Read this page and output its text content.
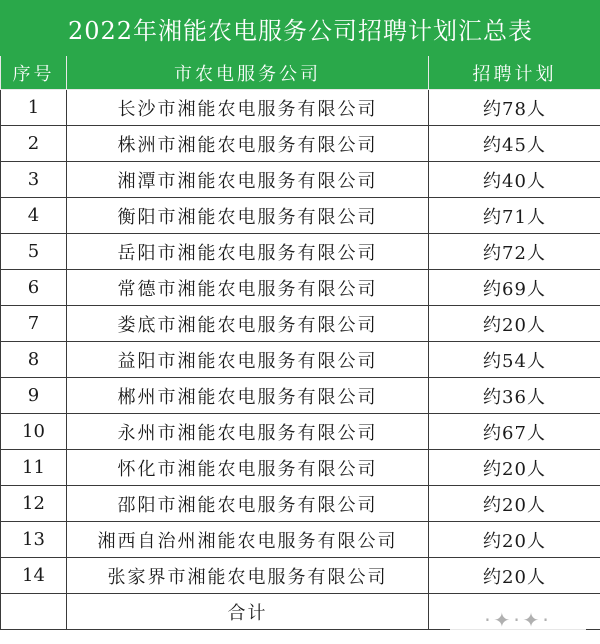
2022年湘能农电服务公司招聘计划汇总表		
序号	市农电服务公司	招聘计划
1	长沙市湘能农电服务有限公司	约78人
2	株洲市湘能农电服务有限公司	约45人
3	湘潭市湘能农电服务有限公司	约40人
4	衡阳市湘能农电服务有限公司	约71人
5	岳阳市湘能农电服务有限公司	约72人
6	常德市湘能农电服务有限公司	约69人
7	娄底市湘能农电服务有限公司	约20人
8	益阳市湘能农电服务有限公司	约54人
9	郴州市湘能农电服务有限公司	约36人
10	永州市湘能农电服务有限公司	约67人
11	怀化市湘能农电服务有限公司	约20人
12	邵阳市湘能农电服务有限公司	约20人
13	湘西自治州湘能农电服务有限公司	约20人
14	张家界市湘能农电服务有限公司	约20人
	合计		·✦·✦·
